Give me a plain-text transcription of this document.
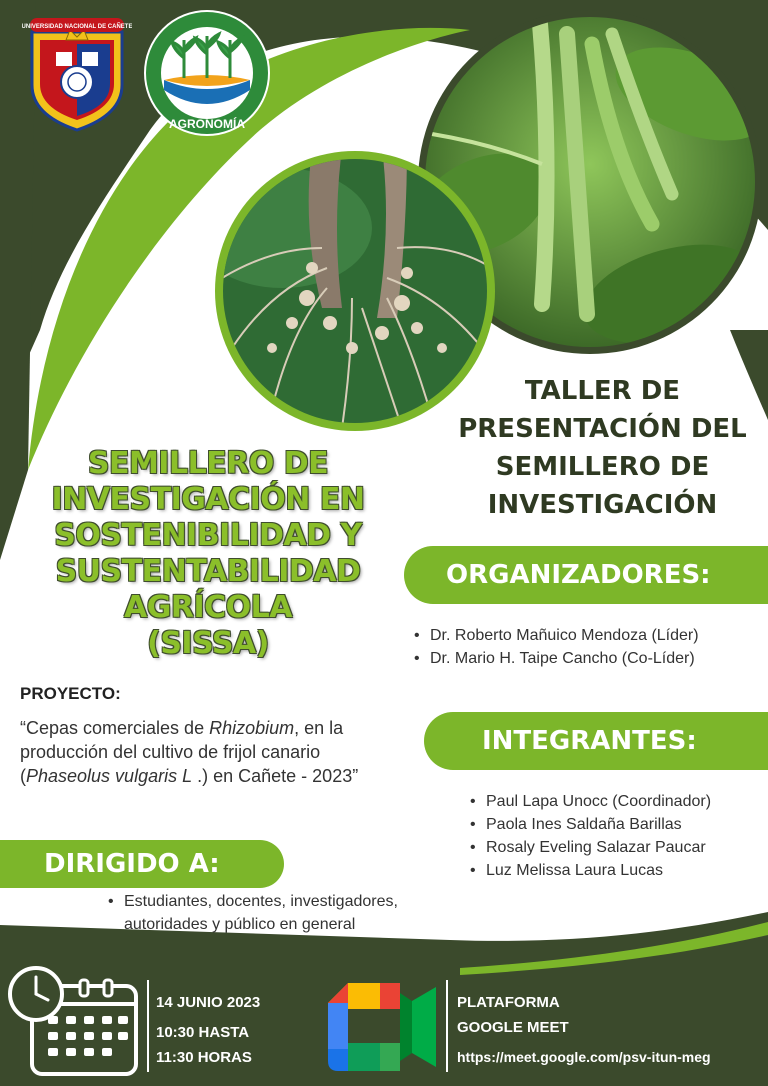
UNIVERSIDAD NACIONAL DE CAÑETE
AGRONOMÍA
TALLER DE
PRESENTACIÓN DEL
SEMILLERO DE
INVESTIGACIÓN
SEMILLERO DE
INVESTIGACIÓN EN
SOSTENIBILIDAD Y
SUSTENTABILIDAD
AGRÍCOLA
(SISSA)
ORGANIZADORES:
• Dr. Roberto Mañuico Mendoza (Líder)
• Dr. Mario H. Taipe Cancho (Co-Líder)
PROYECTO:
“Cepas comerciales de Rhizobium, en la producción del cultivo de frijol canario (Phaseolus vulgaris L .) en Cañete - 2023”
INTEGRANTES:
• Paul Lapa Unocc (Coordinador)
• Paola Ines Saldaña Barillas
• Rosaly Eveling Salazar Paucar
• Luz Melissa Laura Lucas
DIRIGIDO A:
• Estudiantes, docentes, investigadores, autoridades y público en general
14 JUNIO 2023
10:30 HASTA
11:30 HORAS
PLATAFORMA
GOOGLE MEET
https://meet.google.com/psv-itun-meg
